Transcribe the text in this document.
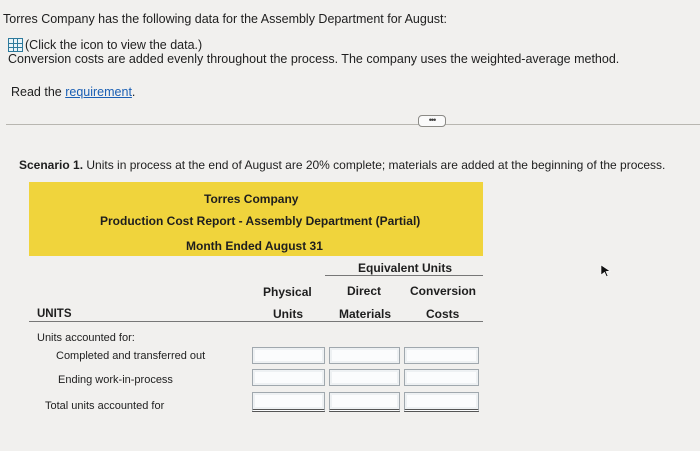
Torres Company has the following data for the Assembly Department for August:
(Click the icon to view the data.)
Conversion costs are added evenly throughout the process. The company uses the weighted-average method.
Read the requirement.
•••
Scenario 1. Units in process at the end of August are 20% complete; materials are added at the beginning of the process.
Torres Company
Production Cost Report - Assembly Department (Partial)
Month Ended August 31
Equivalent Units
Physical
Units
Direct
Materials
Conversion
Costs
UNITS
Units accounted for:
Completed and transferred out
Ending work-in-process
Total units accounted for
